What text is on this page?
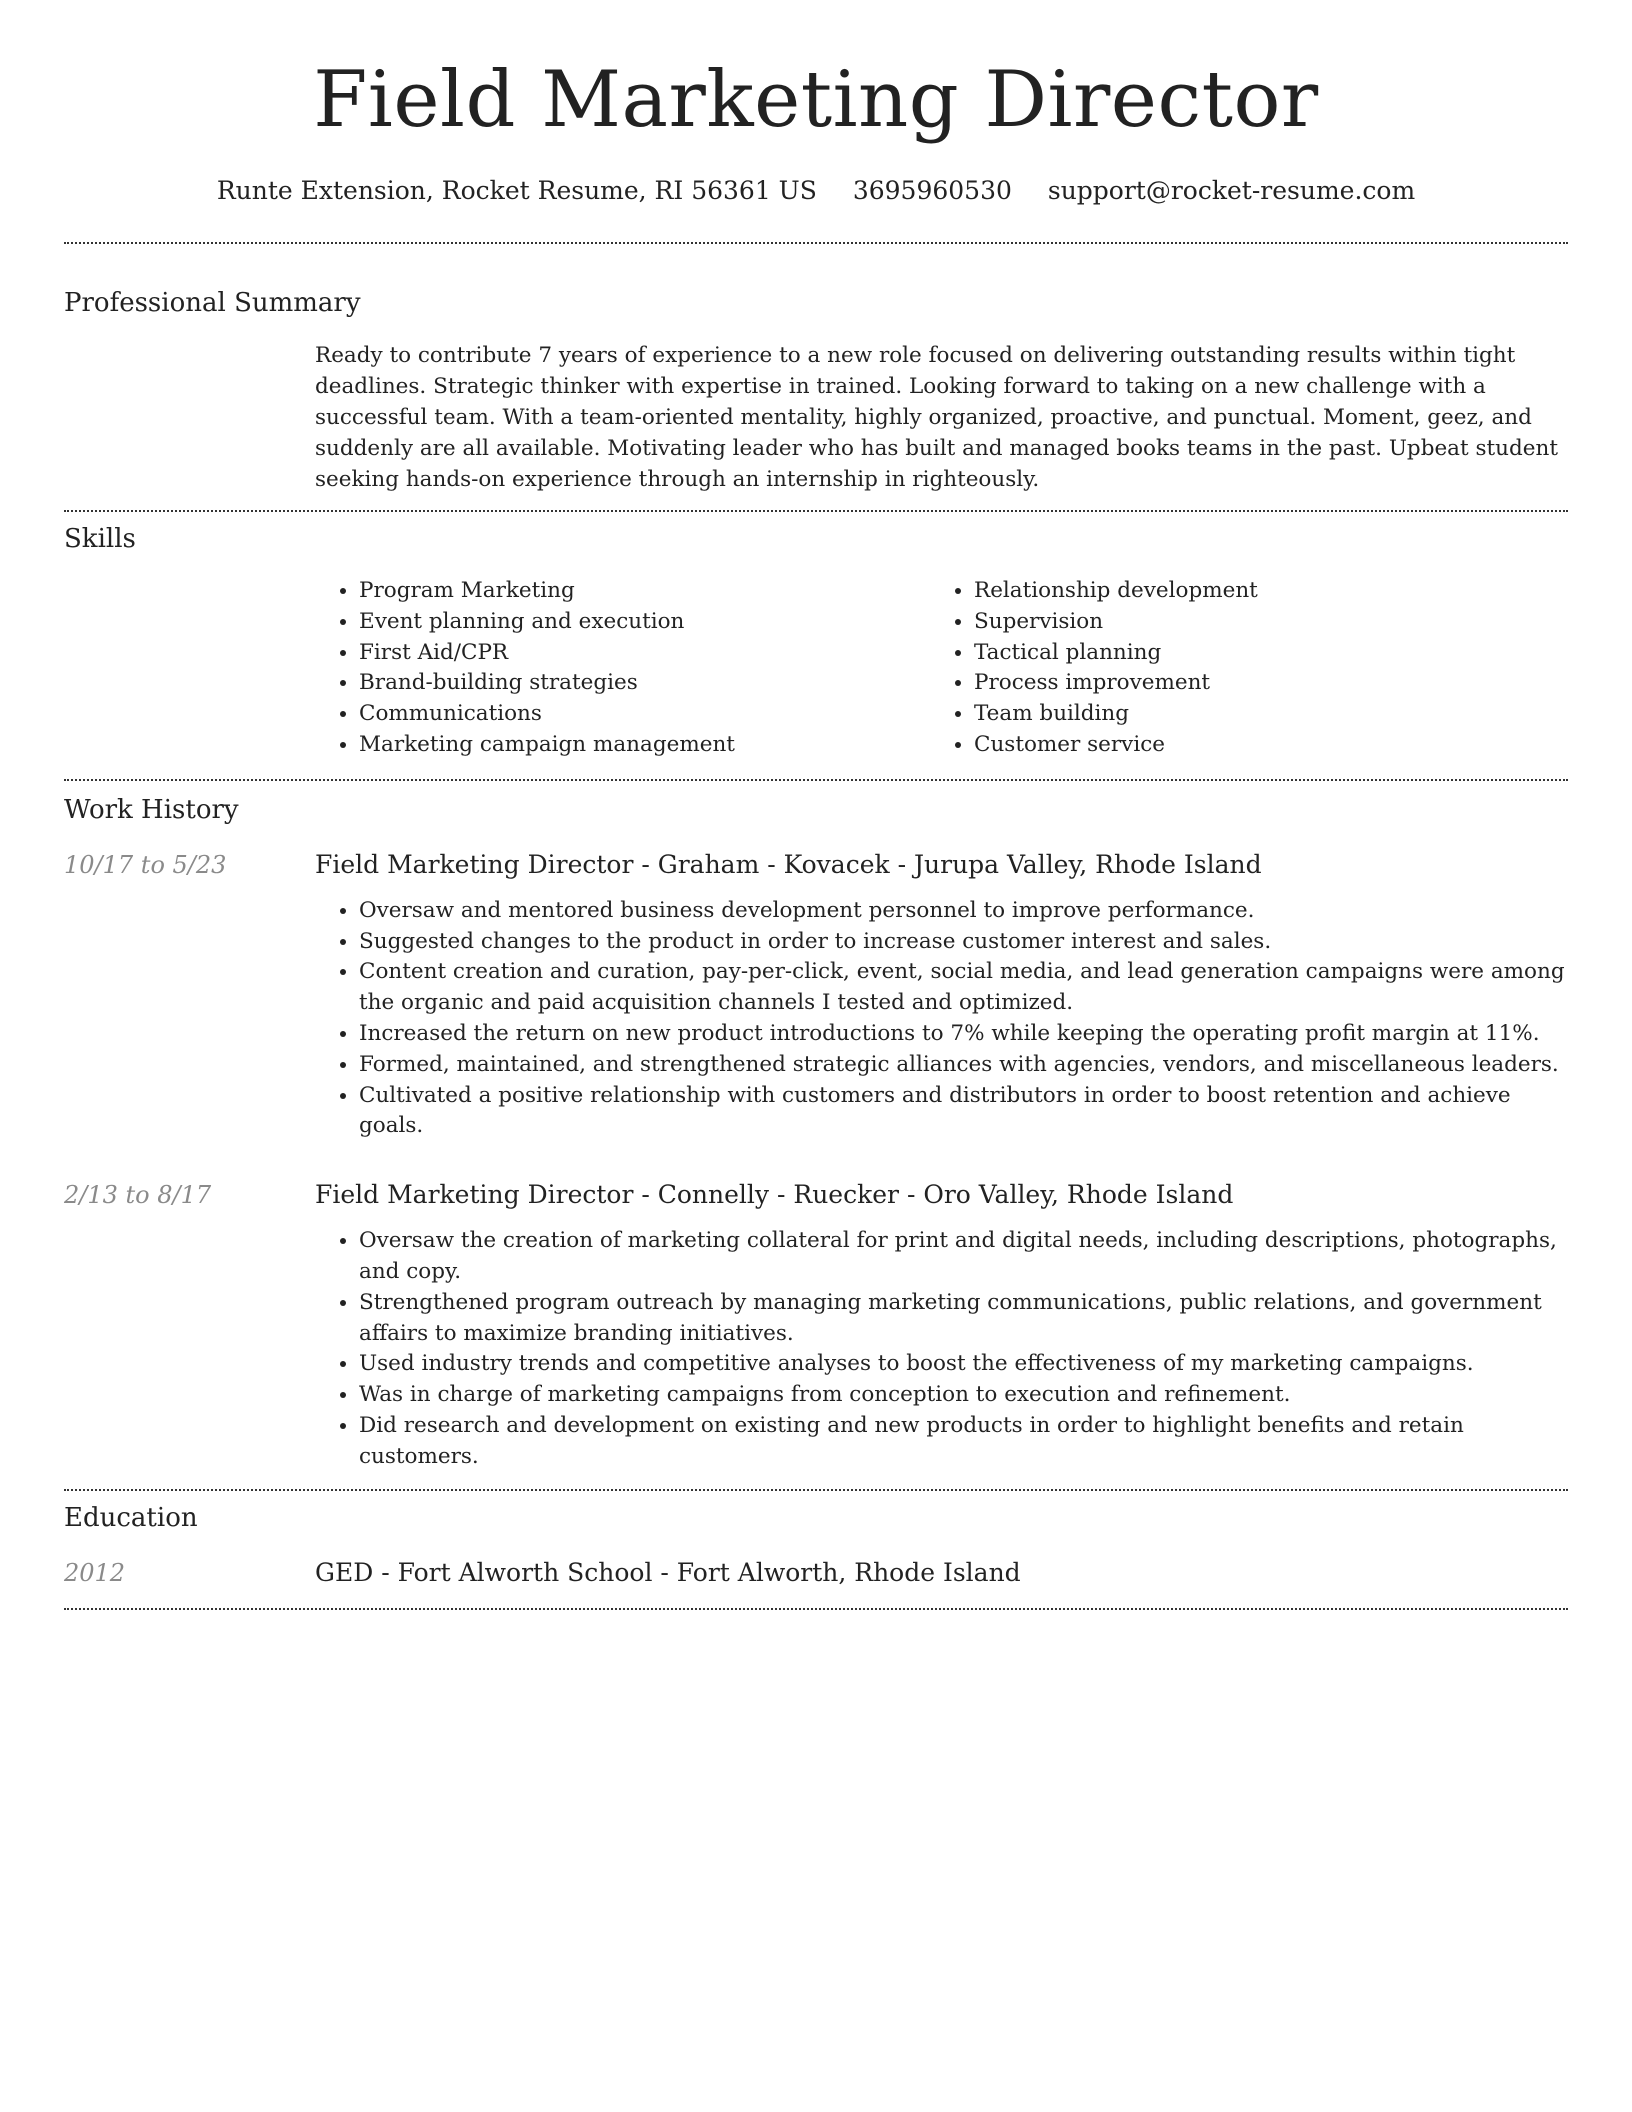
Field Marketing Director
Runte Extension, Rocket Resume, RI 56361 US 3695960530 support@rocket-resume.com
Professional Summary

Ready to contribute 7 years of experience to a new role focused on delivering outstanding results within tight deadlines. Strategic thinker with expertise in trained. Looking forward to taking on a new challenge with a successful team. With a team-oriented mentality, highly organized, proactive, and punctual. Moment, geez, and suddenly are all available. Motivating leader who has built and managed books teams in the past. Upbeat student seeking hands-on experience through an internship in righteously.

Skills
• Program Marketing
• Event planning and execution
• First Aid/CPR
• Brand-building strategies
• Communications
• Marketing campaign management
• Relationship development
• Supervision
• Tactical planning
• Process improvement
• Team building
• Customer service
Work History
10/17 to 5/23	Field Marketing Director - Graham - Kovacek - Jurupa Valley, Rhode Island
• Oversaw and mentored business development personnel to improve performance.
• Suggested changes to the product in order to increase customer interest and sales.
• Content creation and curation, pay-per-click, event, social media, and lead generation campaigns were among the organic and paid acquisition channels I tested and optimized.
• Increased the return on new product introductions to 7% while keeping the operating profit margin at 11%.
• Formed, maintained, and strengthened strategic alliances with agencies, vendors, and miscellaneous leaders.
• Cultivated a positive relationship with customers and distributors in order to boost retention and achieve goals.
2/13 to 8/17	Field Marketing Director - Connelly - Ruecker - Oro Valley, Rhode Island
• Oversaw the creation of marketing collateral for print and digital needs, including descriptions, photographs, and copy.
• Strengthened program outreach by managing marketing communications, public relations, and government affairs to maximize branding initiatives.
• Used industry trends and competitive analyses to boost the effectiveness of my marketing campaigns.
• Was in charge of marketing campaigns from conception to execution and refinement.
• Did research and development on existing and new products in order to highlight benefits and retain customers.
Education
2012	GED - Fort Alworth School - Fort Alworth, Rhode Island
